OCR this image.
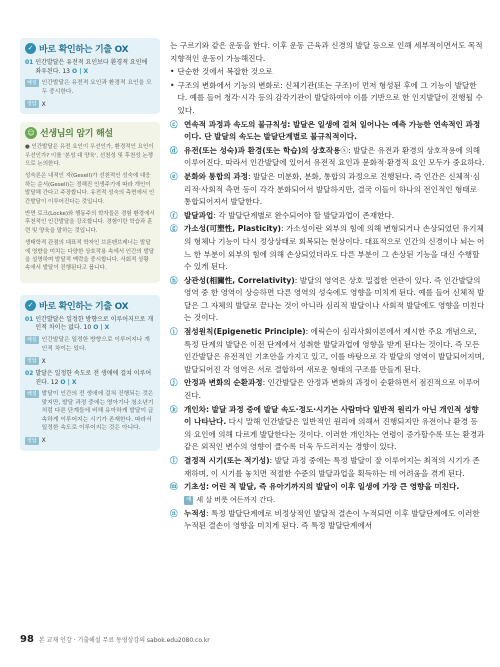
✓ 바로 확인하는 기출 OX
01 인간발달은 유전적 요인보다 환경적 요인에 좌우된다. 13 O | X
해설 인간발달은 유전적 요인과 환경적 요인을 모두 중시한다.
정답 X
☺ 선생님의 암기 해설
● 인간발달은 유전 요인이 우선인가, 환경적인 요인이 우선인가? 이를 '본성 대 양육', 선천성 및 후천성 논쟁으로 논의한다.
성숙론은 내적인 자(Gesell)가 선천적인 성숙에 대응하는 순서(Gesell)는 정해진 인생주기에 따라 개인이 발달해 간다고 주장합니다. 유전적 성숙의 측면에서 인간발달이 이루어진다는 것입니다.
반면 로크(Locke)와 행동주의 학자들은 경험 환경에서 후천적인 인간발달을 강조합니다. 경험이란 학습과 훈련 및 양육을 말하는 것입니다.
생태학적 관점의 대표적 학자인 브론펜브레너는 발달에 영향을 미치는 다양한 상호작용 속에서 인간의 발달을 설명하며 발달적 맥락을 중시합니다. 사회적 상황 속에서 발달이 진행된다고 봅니다.
✓ 바로 확인하는 기출 OX
01 인간발달은 일정한 방향으로 이루어지므로 개인적 차이는 없다. 10 O | X
해설 인간발달은 일정한 방향으로 이루어지나 개인적 차이는 있다.
정답 X
02 발달은 일정한 속도로 전 생애에 걸쳐 이루어진다. 12 O | X
해설 발달이 인간의 전 생애에 걸쳐 진행되는 것은 맞지만, 발달 과정 중에는 영아기나 청소년기처럼 다른 단계들에 비해 유아하게 발달이 급속하게 이루어지는 시기가 존재한다. 따라서 일정한 속도로 이루어지는 것은 아니다.
정답 X
는 구르기와 같은 운동을 한다. 이후 운동 근육과 신경의 발달 등으로 인해 세부적이면서도 목적지향적인 운동이 가능해진다.
• 단순한 것에서 복잡한 것으로
• 구조의 변화에서 기능의 변화로: 신체기관(또는 구조)이 먼저 형성된 후에 그 기능이 발달한다. 예를 들어 청각·시각 등의 감각기관이 발달하여야 이를 기반으로 한 인지발달이 진행될 수 있다.
ⓒ 연속적 과정과 속도의 불규칙성: 발달은 일생에 걸쳐 일어나는 예측 가능한 연속적인 과정이다. 단 발달의 속도는 발달단계별로 불규칙적이다.
ⓓ 유전(또는 성숙)과 환경(또는 학습)의 상호작용ⓧ: 발달은 유전과 환경의 상호작용에 의해 이루어진다. 따라서 인간발달에 있어서 유전적 요인과 문화적·환경적 요인 모두가 중요하다.
ⓔ 분화와 통합의 과정: 발달은 미분화, 분화, 통합의 과정으로 진행된다. 즉 인간은 신체적·심리적·사회적 측면 등이 각각 분화되어서 발달하지만, 결국 이들이 하나의 전인적인 형태로 통합되어져서 발달한다.
ⓕ 발달과업: 각 발달단계별로 완수되어야 할 발달과업이 존재한다.
ⓖ 가소성(可塑性, Plasticity): 가소성이란 외부의 힘에 의해 변형되거나 손상되었던 유기체의 형체나 기능이 다시 정상상태로 회복되는 현상이다. 대표적으로 인간의 신경이나 뇌는 어느 한 부분이 외부의 힘에 의해 손상되었더라도 다른 부분이 그 손상된 기능을 대신 수행할 수 있게 된다.
ⓗ 상관성(相關性, Correlativity): 발달의 영역은 상호 밀접한 연관이 있다. 즉 인간발달의 영역 중 한 영역이 상승하면 다른 영역의 성숙에도 영향을 미치게 된다. 예를 들어 신체적 발달은 그 자체의 발달로 끝나는 것이 아니라 심리적 발달이나 사회적 발달에도 영향을 미친다는 것이다.
ⓘ 점성원칙(Epigenetic Principle): 에릭슨이 심리사회이론에서 제시한 주요 개념으로, 특정 단계의 발달은 이전 단계에서 성취한 발달과업에 영향을 받게 된다는 것이다. 즉 모든 인간발달은 유전적인 기초안을 가지고 있고, 이를 바탕으로 각 발달의 영역이 발달되어지며, 발달되어진 각 영역은 서로 결합하여 새로운 형태의 구조를 만들게 된다.
ⓙ 안정과 변화의 순환과정: 인간발달은 안정과 변화의 과정이 순환하면서 점진적으로 이루어진다.
ⓚ 개인차: 발달 과정 중에 발달 속도·정도·시기는 사람마다 일반적 원리가 아닌 개인적 성향이 나타난다. 다시 말해 인간발달은 일반적인 원리에 의해서 진행되지만 유전이나 환경 등의 요인에 의해 다르게 발달한다는 것이다. 이러한 개인차는 연령이 증가할수록 또는 환경과 같은 외적인 변수의 영향이 클수록 더욱 두드러지는 경향이 있다.
ⓛ 결정적 시기(또는 적기성): 발달 과정 중에는 특정 발달이 잘 이루어지는 최적의 시기가 존재하며, 이 시기를 놓치면 적절한 수준의 발달과업을 획득하는 데 어려움을 겪게 된다.
ⓜ 기초성: 어린 적 발달, 즉 유아기까지의 발달이 이후 일생에 가장 큰 영향을 미친다.
예 세 살 버릇 여든까지 간다.
ⓝ 누적성: 특정 발달단계에로 비정상적인 발달적 결손이 누적되면 이후 발달단계에도 이러한 누적된 결손이 영향을 미치게 된다. 즉 특정 발달단계에서
98 본 교재 인강 · 기출해설 무료 동영상강의 sabok.edu2080.co.kr
